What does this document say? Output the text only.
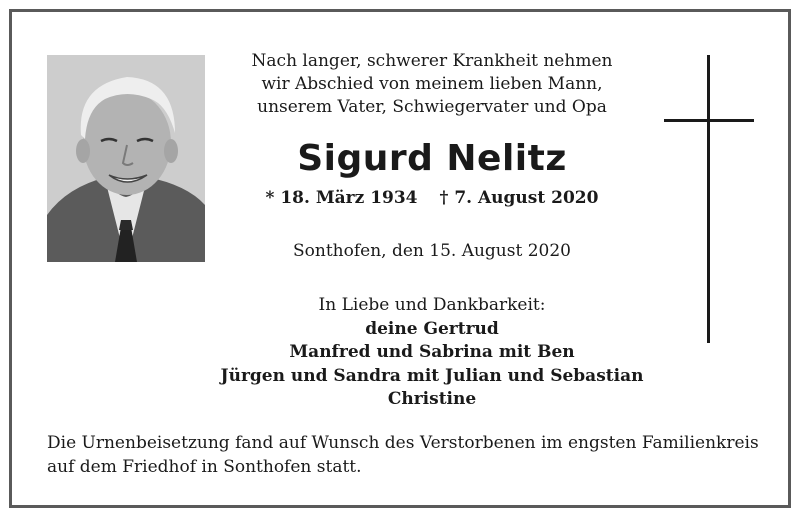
Nach langer, schwerer Krankheit nehmen
wir Abschied von meinem lieben Mann,
unserem Vater, Schwiegervater und Opa
Sigurd Nelitz
* 18. März 1934 † 7. August 2020
Sonthofen, den 15. August 2020
In Liebe und Dankbarkeit:
deine Gertrud
Manfred und Sabrina mit Ben
Jürgen und Sandra mit Julian und Sebastian
Christine
Die Urnenbeisetzung fand auf Wunsch des Verstorbenen im engsten Familienkreis
auf dem Friedhof in Sonthofen statt.
